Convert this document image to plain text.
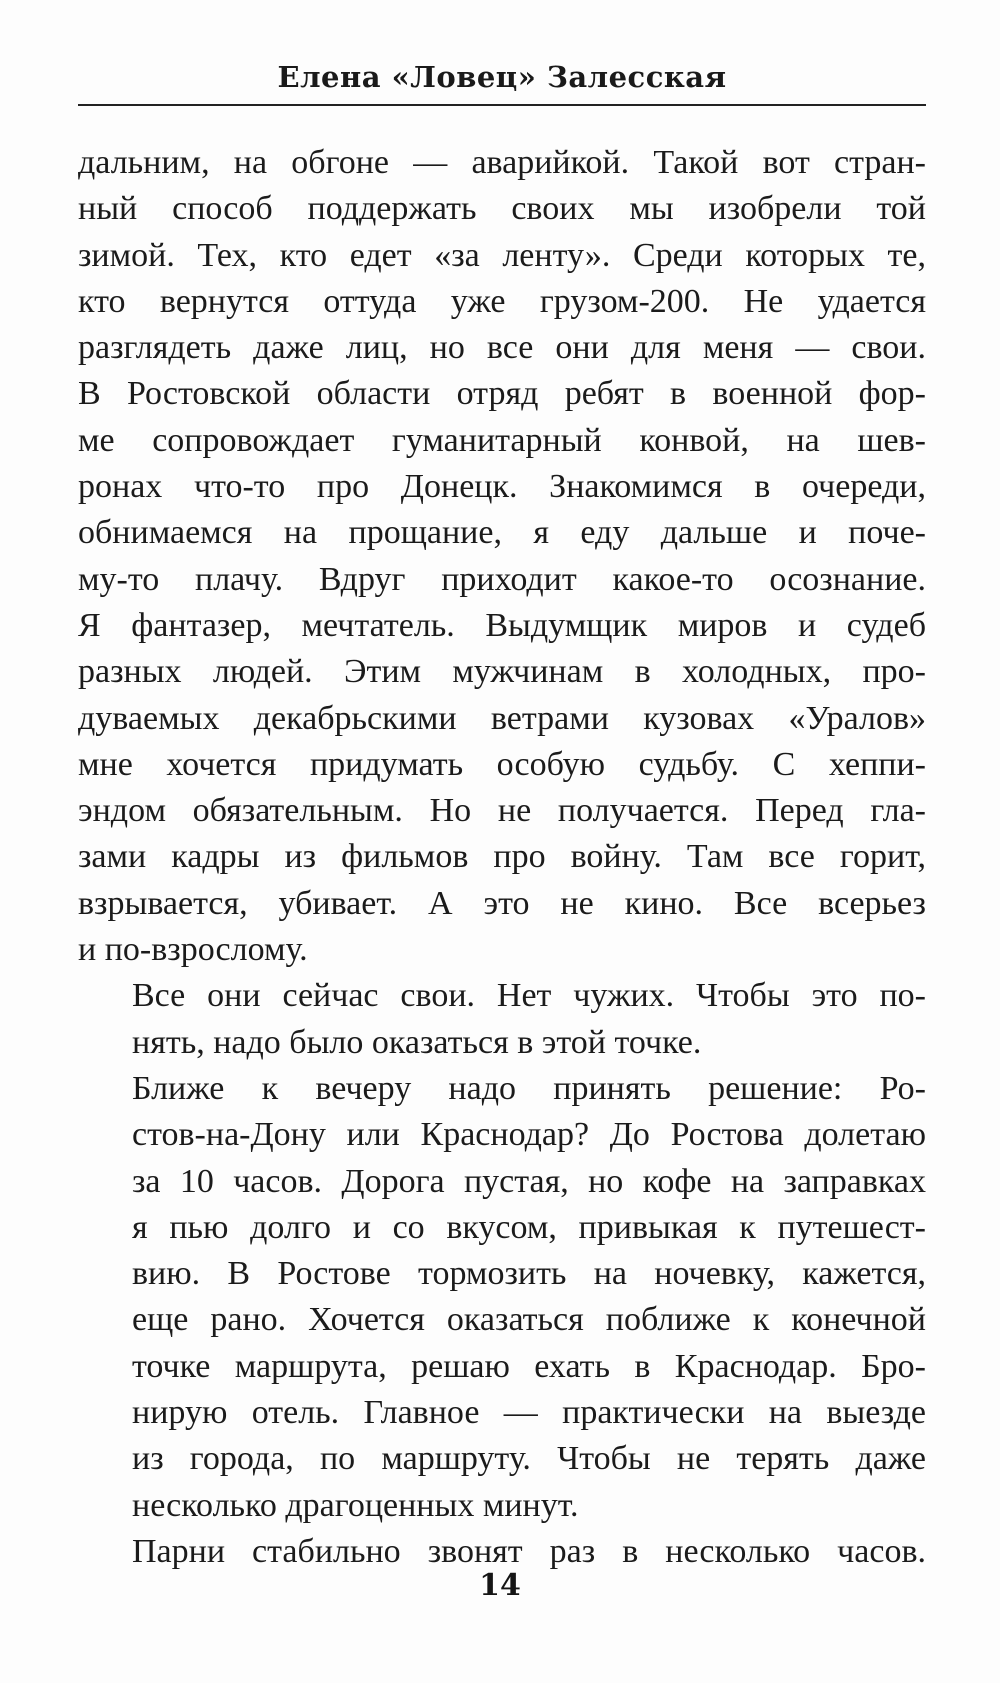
Елена «Ловец» Залесская

дальним, на обгоне — аварийкой. Такой вот стран-
ный способ поддержать своих мы изобрели той
зимой. Тех, кто едет «за ленту». Среди которых те,
кто вернутся оттуда уже грузом-200. Не удается
разглядеть даже лиц, но все они для меня — свои.
В Ростовской области отряд ребят в военной фор-
ме сопровождает гуманитарный конвой, на шев-
ронах что-то про Донецк. Знакомимся в очереди,
обнимаемся на прощание, я еду дальше и поче-
му-то плачу. Вдруг приходит какое-то осознание.
Я фантазер, мечтатель. Выдумщик миров и судеб
разных людей. Этим мужчинам в холодных, про-
дуваемых декабрьскими ветрами кузовах «Уралов»
мне хочется придумать особую судьбу. С хеппи-
эндом обязательным. Но не получается. Перед гла-
зами кадры из фильмов про войну. Там все горит,
взрывается, убивает. А это не кино. Все всерьез
и по-взрослому.

Все они сейчас свои. Нет чужих. Чтобы это по-
нять, надо было оказаться в этой точке.

Ближе к вечеру надо принять решение: Ро-
стов-на-Дону или Краснодар? До Ростова долетаю
за 10 часов. Дорога пустая, но кофе на заправках
я пью долго и со вкусом, привыкая к путешест-
вию. В Ростове тормозить на ночевку, кажется,
еще рано. Хочется оказаться поближе к конечной
точке маршрута, решаю ехать в Краснодар. Бро-
нирую отель. Главное — практически на выезде
из города, по маршруту. Чтобы не терять даже
несколько драгоценных минут.

Парни стабильно звонят раз в несколько часов.

14
